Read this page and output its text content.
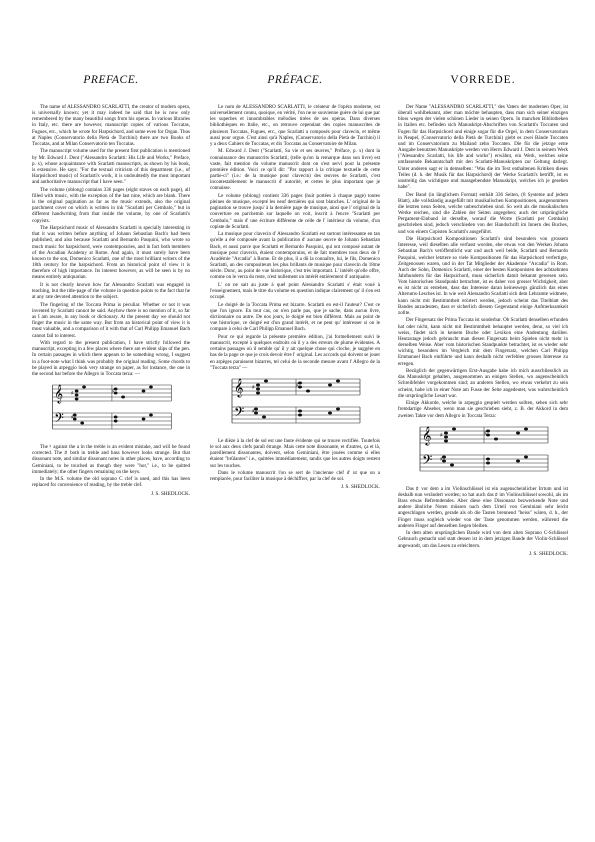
PREFACE.

The name of ALESSANDRO SCARLATTI, the creator of modern opera, is universally known; yet it may indeed be said that he is now only remembered by the many beautiful songs from his operas. In various libraries in Italy, etc. there are however, manuscript copies of various Toccatas, Fugues, etc., which he wrote for Harpsichord, and some even for Organ. Thus at Naples (Conservatorio della Pietà de Turchini) there are two Books of Toccatas, and at Milan Conservatorio ten Toccatas.

The manuscript volume used for the present first publication is mentioned by Mr. Edward J. Dent ("Alessandro Scarlatti: His Life and Works," Preface, p. x), whose acquaintance with Scarlatti manuscripts, as shown by his book, is extensive. He says: "For the textual criticism of this department (i.e., of Harpsichord music) of Scarlatti's work, it is undoubtedly the most important and authoritative manuscript that I have seen."

The volume (oblong) contains 336 pages (eight staves on each page), all filled with music, with the exception of the last nine, which are blank. There is the original pagination as far as the music extends, also the original parchment cover on which is written in ink "Scarlatti per Cembalo," but in different handwriting from that inside the volume, by one of Scarlatti's copyists.

The Harpsichord music of Alessandro Scarlatti is specially interesting in that it was written before anything of Johann Sebastian Bach's had been published, and also because Scarlatti and Bernardo Pasquini, who wrote so much music for harpsichord, were contemporaries, and in fact both members of the Arcadian Academy at Rome. And again, it must surely have been known to the son, Domenico Scarlatti, one of the most brilliant writers of the 18th century for the harpsichord. From an historical point of view it is therefore of high importance. Its interest however, as will be seen is by no means entirely antiquarian.

It is not clearly known how far Alessandro Scarlatti was engaged in teaching, but the title-page of the volume in question points to the fact that he at any rate devoted attention to the subject.

The fingering of the Toccata Prima is peculiar. Whether or not it was invented by Scarlatti cannot be said. Anyhow there is no mention of it, so far as I am aware, in any book or dictionary. At the present day we should not finger the music in the same way. But from an historical point of view it is most valuable, and a comparison of it with that of Carl Philipp Emanuel Bach cannot fail to interest.

With regard to the present publication, I have strictly followed the manuscript, excepting in a few places where there are evident slips of the pen. In certain passages in which there appears to be something wrong, I suggest in a foot-note what I think was probably the original reading. Some chords to be played in arpeggio look very strange on paper, as for instance, the one in the second bar before the Allegro in Toccata terza: —

𝄞
𝄢
♯	♯
♯

The ♮ against the a in the treble is an evident mistake, and will be found corrected. The ♯ both in treble and bass however looks strange. But that dissonant note, and similar dissonant notes in other places, have, according to Geminiani, to be touched as though they were "hot," i.e., to be quitted immediately; the other fingers remaining on the keys.

In the M.S. volume the old soprano C clef is used, and this has been replaced for convenience of reading, by the treble clef.

J. S. SHEDLOCK.
PRÉFACE.

Le nom de ALESSANDRO SCARLATTI, le créateur de l'opéra moderne, est universellement connu, quoique, en vérité, l'on ne se souvienne guère de lui que par les superbes et innombrables mélodies tirées de ses opéras. Dans diverses bibliothèques en Italie, etc., on retrouve cependant des copies manuscrites de plusieurs Toccatas, Fugues, etc., que Scarlatti a composés pour clavecin, et même aussi pour orgue. C'est ainsi qu'à Naples, (Conservatorio della Pietà de Turchini) il y a deux Cahiers de Toccatas, et dix Toccatas au Conservatoire de Milan.

M. Edward J. Dent ("Scarlatti, Sa vie et ses œuvres," Préface, p. x) dont la connaissance des manuscrits Scarlatti, (telle qu'on la remarque dans son livre) est vaste, fait mention du volume manuscrit dont on s'est servi pour la présente première édition. Voici ce qu'il dit: "Par rapport à la critique textuelle de cette partie-ci" (i.e.: de la musique pour clavecin) des œuvres de Scarlatti, c'est incontestablement le manuscrit d' autorité, et certes le plus important que je connaisse.

Le volume (oblong) contient 336 pages (huit portées à chaque page) toutes pleines de musique, excepté les neuf dernières qui sont blanches. L' original de la pagination se trouve jusqu' à la dernière page de musique, ainsi que l' original de la couverture en parchemin sur laquelle on voit, inscrit à l'encre "Scarlatti per Cembalo," mais d' une écriture différente de celle de l' intérieur du volume, d'un copiste de Scarlatti.

La musique pour clavecin d' Alessandro Scarlatti est surtout intéressante en tan qu'elle a été composée avant la publication d' aucune œuvre de Johann Sebastian Bach, et aussi parce que Scarlatti et Bernardo Pasquini, qui ont composé autant de musique pour clavecin, étaient contemporains, et de fait membres tous deux de l' Académie "Arcadia" à Rome. Et de plus, il a dû la connaître, lui, le fils, Domenico Scarlatti, un des compositeurs les plus brillants de musique pour clavecin du 18me siècle. Donc, au point de vue historique, c'est très important. L' intérêt qu'elle offre, comme on le verra du reste, n'est nullement un intérêt entièrement d' antiquaire.

L' on ne sait au juste à quel point Alessandro Scarlatti s' était voué à l'enseignement, mais le titre du volume en question indique clairement qu' il s'en est occupé.

Le doigté de la Toccata Prima est bizarre. Scarlatti en est-il l'auteur? C'est ce que l'on ignore. En tout cas, on n'en parle pas, que je sache, dans aucun livre, dictionnaire ou autre. De nos jours, le doigté est bien différent. Mais au point de vue historique, ce doigté est d'un grand intérêt, et ne peut qu' intéresser si on le compare à celui de Carl Philipp Emanuel Bach.

Pour ce qui regarde la présente première édition, j'ai formellement suivi le manuscrit, excepté à quelques endroits où il y a des erreurs de plume évidentes. A certains passages où il semble qu' il y ait quelque chose qui cloche, je suggère en bas de la page ce que je crois devoir être l' original. Les accords qui doivent se jouer en arpèges paraissent bizarres, tel celui de la seconde mesure avant l' Allegro de la "Toccata terza" —

𝄞
𝄢
♯	♯
♯

Le dièze à la clef de sol est une faute évidente qui se trouve rectifiée. Toutefois le sol aux deux clefs paraît étrange. Mais cette note dissonante, et d'autres, ça et là, pareillement dissonantes, doivent, selon Geminiani, être jouées comme si elles étaient "brûlantes" i.e., quittées immédiatement, tandis que les autres doigts restent sur les touches.

Dans le volume manuscrit l'on se sert de l'ancienne clef d' ut que on a remplacée, pour faciliter la musique à déchiffrer, par la clef de sol.

J. S. SHEDLOCK.
VORREDE.

Der Name "ALESSANDRO SCARLATTI," des Vaters der modernen Oper, ist überall wohlbekannt, aber man möchte behaupten, dass man sich seiner einzigen bloss wegen der vielen schönen Lieder in seinen Opern. In manchen Bibliotheken in Italien etc. befinden sich Manuskript-Abschriften von Scarlatti's Toccaten und Fugen für das Harpsichord und einige sogar für die Orgel, in dem Conservatorium in Neapel, (Conservatorio della Pietà de Turchini) giebt es zwei Bände Toccaten und im Conservatorium zu Mailand zehn Toccaten. Die für die jetzige erste Ausgabe benutzten Manuskripte werden von Herrn Edward J. Dent in seinem Werk ("Alessandro Scarlatti, his life and works") erwähnt, ein Werk, welches seine umfassende Bekanntschaft mit den Scarlatti-Manuskripten zur Geltung darlegt. Unter anderen sagt er in demselben: "Was die im Text enthaltenen Kritiken dieses Teiles (d. h. der Musik für das Harpsichord) der Werke Scarlatti's betrifft, ist es unstreitig das wichtigste und massgebendste Manuskript, welches ich je gesehen habe".

Der Band (in länglichem Format) enthält 336 Seiten, (8 Systeme auf jedem Blatt), alle vollständig ausgefüllt mit musikalischen Kompositionen, ausgenommen die letzten neun Seiten, welche unbeschrieben sind. So weit als die musikalischen Werke reichen, sind die Zahlen der Seiten angegeben; auch der ursprüngliche Pergament-Einband ist derselbe, worauf die Worte (Scarlatti per Cembalo) geschrieben sind, jedoch verschieden von der Handschrift im Innern des Buches, und von einem Copisten Scarlatti's ausgeführt.

Die Harpsichord Kompositionen Scarlatti's sind besonders von grossem Interesse, weil dieselben alle verfasst worden, ehe etwas von den Werken Johann Sebastian Bach's veröffentlicht war und auch weil beide, Scarlatti und Bernardo Pasquini, welcher letztere so viele Kompositionen für das Harpsichord verfertigte, Zeitgenossen waren, und in der Tat Mitglieder der Akademie "Arcadia" in Rom. Auch der Sohn, Domenico Scarlatti, einer der besten Komponisten des achtzehnten Jahrhunderts für das Harpsichord, muss sicherlich damit bekannt gewesen sein. Vom historischen Standpunkt betrachtet, ist es daher von grosser Wichtigkeit, aber es ist nicht zu erstehen, dass das Interesse daran keineswegs gänzlich das eines Alterums-Lesches ist. In wie weit Alessandro Scarlatti sich dem Lehramte widmete, kann nicht mit Bestimmtheit erörtert werden, jedoch scheint das Titelblatt des Bandes anzudeuten, dass er sicherlich diesem Gegenstand einige Aufmerksamkeit zollte.

Der Fingersatz der Prima Toccata ist sonderbar. Ob Scarlatti denselben erfunden hat oder nicht, kann nicht mit Bestimmtheit behauptet werden, denn, so viel ich weiss, findet sich in keinem Buche oder Lexikon eine Andeutung darüber. Heutzutage jedoch gebraucht man diesen Fingersatz beim Spielen nicht mehr in derselben Weise. Aber vom historischen Standpunkte betrachtet, ist es wieder sehr wichtig, besonders im Vergleich mit dem Fingersatz, welchen Carl Philipp Emmanuel Bach einführte und kann deshalb nicht verfehlen grosses Interesse zu erregen.

Bezüglich der gegenwärtigen Erst-Ausgabe habe ich mich ausschliesslich an das Manuskript gehalten, ausgenommen an einigen Stellen, wo augenscheinlich Schreibfehler vorgekommen sind; an anderen Stellen, wo etwas verkehrt zu sein scheint, habe ich in einer Note am Fusse der Seite angedeutet, was wahrscheinlich die ursprüngliche Lesart war.

Einige Akkorde, welche in arpeggio gespielt werden sollten, sehen sich sehr fremdartige Abseher, wenn man sie geschrieben sieht, z. B. der Akkord in dem zweiten Takte vor dem Allegro in Toccata Terza:

𝄞
𝄢
♯	♯
♯

Das ♯ vor dem a im Violinschlüssel ist ein augenscheinlicher Irrtum und ist deshalb nun verändert worden; so hat auch das ♯ im Violinschlüssel sowohl, als im Bass etwas Befremdendes. Aber diese eine Dissonanz bezweckende Note und andere ähnliche Noten müssen nach dem Urteil von Geminiani sehr leicht angeschlagen werden, gerade als ob die Tasten brennend "heiss" wären, d. h., der Finger muss sogleich wieder von der Taste genommen werden, während die anderen Finger auf denselben liegen bleiben.

In dem alten ursprünglichen Bande wird von dem alten Soprano C-Schlüssel Gebrauch gemacht und statt dessen ist in dem jetzigen Bande der Violin-Schlüssel angewandt, um das Lesen zu erleichtern.

J. S. SHEDLOCK.
